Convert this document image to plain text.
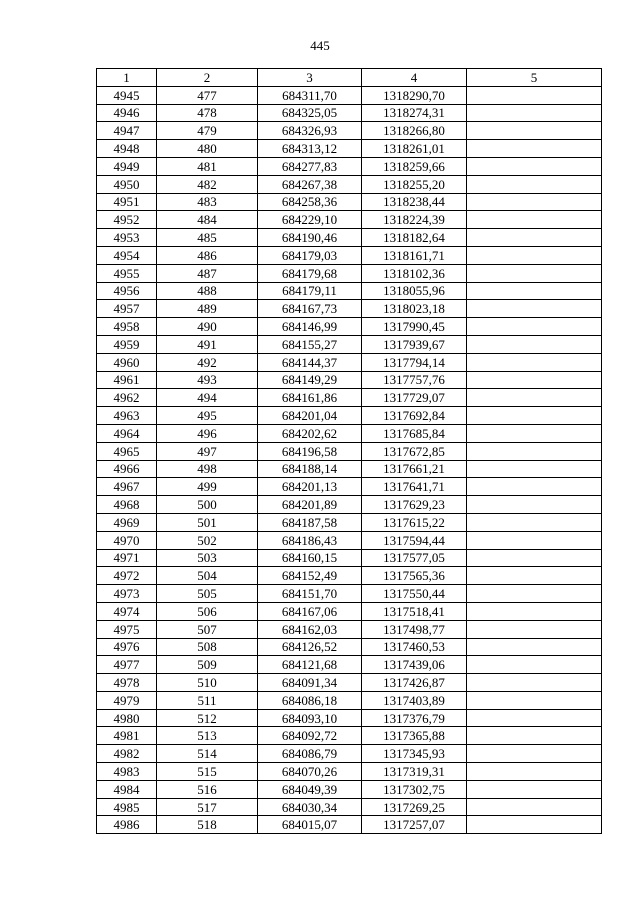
445
1	2	3	4	5
4945	477	684311,70	1318290,70	
4946	478	684325,05	1318274,31	
4947	479	684326,93	1318266,80	
4948	480	684313,12	1318261,01	
4949	481	684277,83	1318259,66	
4950	482	684267,38	1318255,20	
4951	483	684258,36	1318238,44	
4952	484	684229,10	1318224,39	
4953	485	684190,46	1318182,64	
4954	486	684179,03	1318161,71	
4955	487	684179,68	1318102,36	
4956	488	684179,11	1318055,96	
4957	489	684167,73	1318023,18	
4958	490	684146,99	1317990,45	
4959	491	684155,27	1317939,67	
4960	492	684144,37	1317794,14	
4961	493	684149,29	1317757,76	
4962	494	684161,86	1317729,07	
4963	495	684201,04	1317692,84	
4964	496	684202,62	1317685,84	
4965	497	684196,58	1317672,85	
4966	498	684188,14	1317661,21	
4967	499	684201,13	1317641,71	
4968	500	684201,89	1317629,23	
4969	501	684187,58	1317615,22	
4970	502	684186,43	1317594,44	
4971	503	684160,15	1317577,05	
4972	504	684152,49	1317565,36	
4973	505	684151,70	1317550,44	
4974	506	684167,06	1317518,41	
4975	507	684162,03	1317498,77	
4976	508	684126,52	1317460,53	
4977	509	684121,68	1317439,06	
4978	510	684091,34	1317426,87	
4979	511	684086,18	1317403,89	
4980	512	684093,10	1317376,79	
4981	513	684092,72	1317365,88	
4982	514	684086,79	1317345,93	
4983	515	684070,26	1317319,31	
4984	516	684049,39	1317302,75	
4985	517	684030,34	1317269,25	
4986	518	684015,07	1317257,07	
